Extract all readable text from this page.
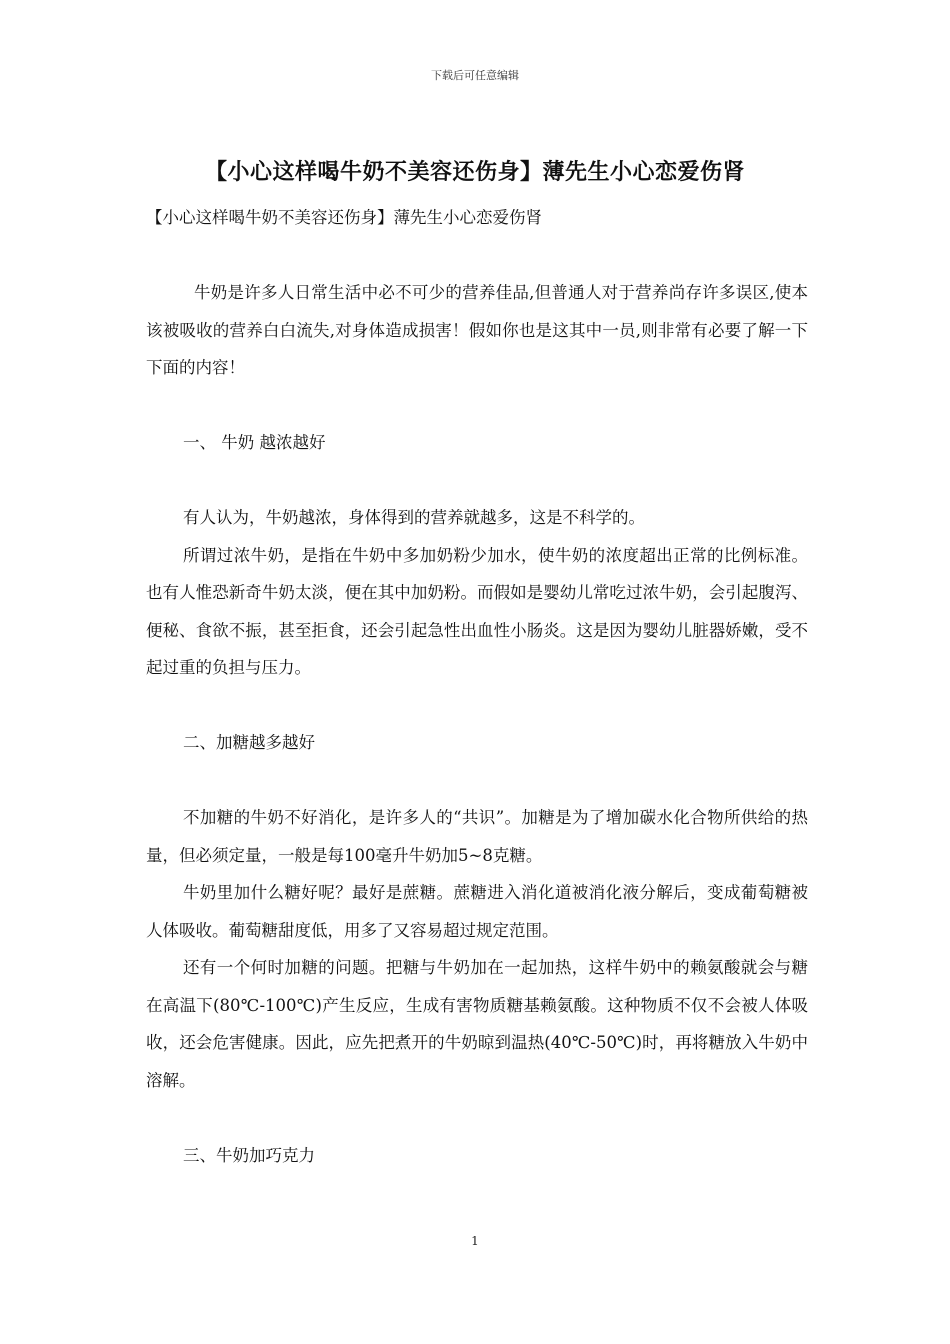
下载后可任意编辑
【小心这样喝牛奶不美容还伤身】薄先生小心恋爱伤肾

【小心这样喝牛奶不美容还伤身】薄先生小心恋爱伤肾

牛奶是许多人日常生活中必不可少的营养佳品,但普通人对于营养尚存许多误区,使本该被吸收的营养白白流失,对身体造成损害！假如你也是这其中一员,则非常有必要了解一下下面的内容！

一、 牛奶 越浓越好

有人认为，牛奶越浓，身体得到的营养就越多，这是不科学的。

所谓过浓牛奶，是指在牛奶中多加奶粉少加水，使牛奶的浓度超出正常的比例标准。也有人惟恐新奇牛奶太淡，便在其中加奶粉。而假如是婴幼儿常吃过浓牛奶，会引起腹泻、便秘、食欲不振，甚至拒食，还会引起急性出血性小肠炎。这是因为婴幼儿脏器娇嫩，受不起过重的负担与压力。

二、加糖越多越好

不加糖的牛奶不好消化，是许多人的“共识”。加糖是为了增加碳水化合物所供给的热量，但必须定量，一般是每100毫升牛奶加5~8克糖。

牛奶里加什么糖好呢？最好是蔗糖。蔗糖进入消化道被消化液分解后，变成葡萄糖被人体吸收。葡萄糖甜度低，用多了又容易超过规定范围。

还有一个何时加糖的问题。把糖与牛奶加在一起加热，这样牛奶中的赖氨酸就会与糖在高温下(80℃-100℃)产生反应，生成有害物质糖基赖氨酸。这种物质不仅不会被人体吸收，还会危害健康。因此，应先把煮开的牛奶晾到温热(40℃-50℃)时，再将糖放入牛奶中溶解。

三、牛奶加巧克力

1
